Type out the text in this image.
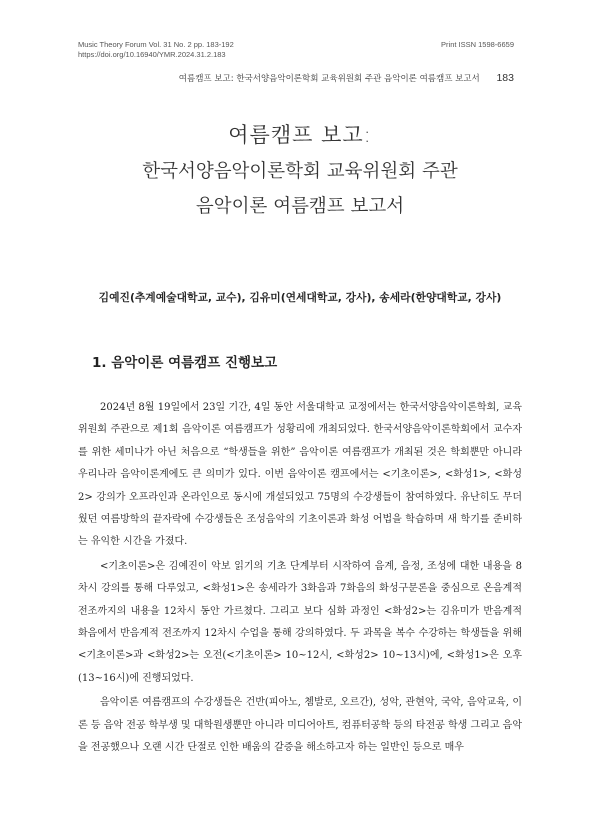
Music Theory Forum Vol. 31 No. 2 pp. 183-192
https://doi.org/10.16940/YMR.2024.31.2.183
Print ISSN 1598-6659
여름캠프 보고: 한국서양음악이론학회 교육위원회 주관 음악이론 여름캠프 보고서 183
여름캠프 보고:
한국서양음악이론학회 교육위원회 주관
음악이론 여름캠프 보고서
김예진(추계예술대학교, 교수), 김유미(연세대학교, 강사), 송세라(한양대학교, 강사)
1. 음악이론 여름캠프 진행보고

2024년 8월 19일에서 23일 기간, 4일 동안 서울대학교 교정에서는 한국서양음악이론학회, 교육위원회 주관으로 제1회 음악이론 여름캠프가 성황리에 개최되었다. 한국서양음악이론학회에서 교수자를 위한 세미나가 아닌 처음으로 “학생들을 위한” 음악이론 여름캠프가 개최된 것은 학회뿐만 아니라 우리나라 음악이론계에도 큰 의미가 있다. 이번 음악이론 캠프에서는 <기초이론>, <화성1>, <화성2> 강의가 오프라인과 온라인으로 동시에 개설되었고 75명의 수강생들이 참여하였다. 유난히도 무더웠던 여름방학의 끝자락에 수강생들은 조성음악의 기초이론과 화성 어법을 학습하며 새 학기를 준비하는 유익한 시간을 가졌다.

<기초이론>은 김예진이 악보 읽기의 기초 단계부터 시작하여 음계, 음정, 조성에 대한 내용을 8차시 강의를 통해 다루었고, <화성1>은 송세라가 3화음과 7화음의 화성구문론을 중심으로 온음계적 전조까지의 내용을 12차시 동안 가르쳤다. 그리고 보다 심화 과정인 <화성2>는 김유미가 반음계적 화음에서 반음계적 전조까지 12차시 수업을 통해 강의하였다. 두 과목을 복수 수강하는 학생들을 위해 <기초이론>과 <화성2>는 오전(<기초이론> 10~12시, <화성2> 10~13시)에, <화성1>은 오후(13~16시)에 진행되었다.

음악이론 여름캠프의 수강생들은 건반(피아노, 쳄발로, 오르간), 성악, 관현악, 국악, 음악교육, 이론 등 음악 전공 학부생 및 대학원생뿐만 아니라 미디어아트, 컴퓨터공학 등의 타전공 학생 그리고 음악을 전공했으나 오랜 시간 단절로 인한 배움의 갈증을 해소하고자 하는 일반인 등으로 매우
